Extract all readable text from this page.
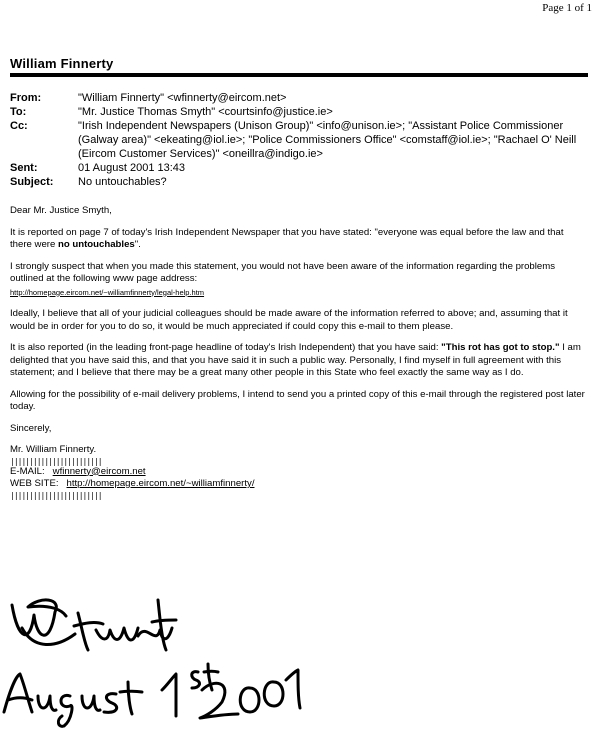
Page 1 of 1
William Finnerty
From:	"William Finnerty" <wfinnerty@eircom.net>
To:	"Mr. Justice Thomas Smyth" <courtsinfo@justice.ie>
Cc:	"Irish Independent Newspapers (Unison Group)" <info@unison.ie>; "Assistant Police Commissioner (Galway area)" <ekeating@iol.ie>; "Police Commissioners Office" <comstaff@iol.ie>; "Rachael O' Neill (Eircom Customer Services)" <oneillra@indigo.ie>
Sent:	01 August 2001 13:43
Subject:	No untouchables?

Dear Mr. Justice Smyth,

It is reported on page 7 of today's Irish Independent Newspaper that you have stated: "everyone was equal before the law and that there were no untouchables".

I strongly suspect that when you made this statement, you would not have been aware of the information regarding the problems outlined at the following www page address:
http://homepage.eircom.net/~williamfinnerty/legal-help.htm

Ideally, I believe that all of your judicial colleagues should be made aware of the information referred to above; and, assuming that it would be in order for you to do so, it would be much appreciated if could copy this e-mail to them please.

It is also reported (in the leading front-page headline of today's Irish Independent) that you have said: "This rot has got to stop." I am delighted that you have said this, and that you have said it in such a public way. Personally, I find myself in full agreement with this statement; and I believe that there may be a great many other people in this State who feel exactly the same way as I do.

Allowing for the possibility of e-mail delivery problems, I intend to send you a printed copy of this e-mail through the registered post later today.

Sincerely,

Mr. William Finnerty.
||||||||||||||||||||||||
E-MAIL: wfinnerty@eircom.net
WEB SITE: http://homepage.eircom.net/~williamfinnerty/
||||||||||||||||||||||||
